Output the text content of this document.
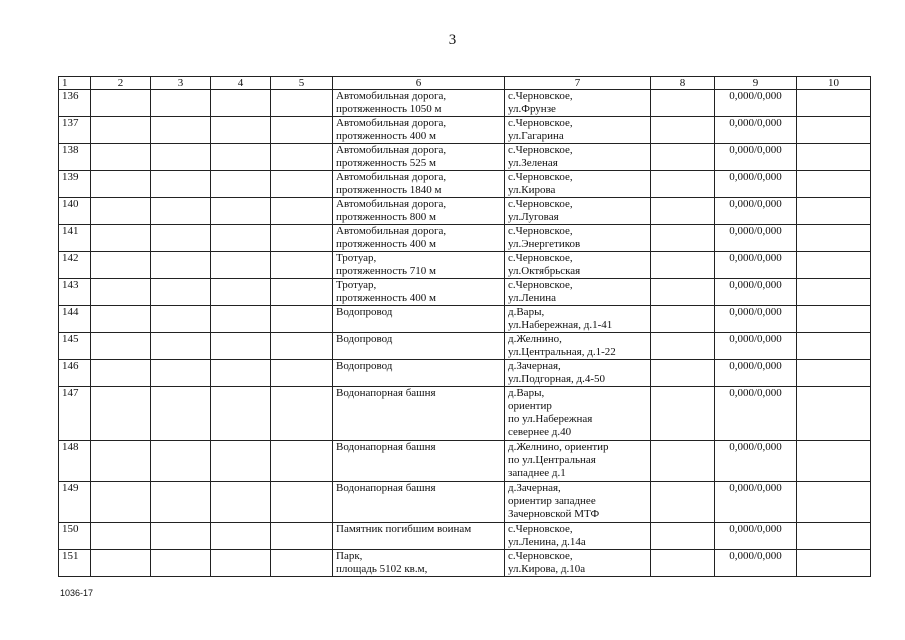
3
1	2	3	4	5	6	7	8	9	10
136					Автомобильная дорога,
протяженность 1050 м	с.Черновское,
ул.Фрунзе		0,000/0,000	
137					Автомобильная дорога,
протяженность 400 м	с.Черновское,
ул.Гагарина		0,000/0,000	
138					Автомобильная дорога,
протяженность 525 м	с.Черновское,
ул.Зеленая		0,000/0,000	
139					Автомобильная дорога,
протяженность 1840 м	с.Черновское,
ул.Кирова		0,000/0,000	
140					Автомобильная дорога,
протяженность 800 м	с.Черновское,
ул.Луговая		0,000/0,000	
141					Автомобильная дорога,
протяженность 400 м	с.Черновское,
ул.Энергетиков		0,000/0,000	
142					Тротуар,
протяженность 710 м	с.Черновское,
ул.Октябрьская		0,000/0,000	
143					Тротуар,
протяженность 400 м	с.Черновское,
ул.Ленина		0,000/0,000	
144					Водопровод	д.Вары,
ул.Набережная, д.1-41		0,000/0,000	
145					Водопровод	д.Желнино,
ул.Центральная, д.1-22		0,000/0,000	
146					Водопровод	д.Зачерная,
ул.Подгорная, д.4-50		0,000/0,000	
147					Водонапорная башня	д.Вары,
ориентир
по ул.Набережная
севернее д.40		0,000/0,000	
148					Водонапорная башня	д.Желнино, ориентир
по ул.Центральная
западнее д.1		0,000/0,000	
149					Водонапорная башня	д.Зачерная,
ориентир западнее
Зачерновской МТФ		0,000/0,000	
150					Памятник погибшим воинам	с.Черновское,
ул.Ленина, д.14а		0,000/0,000	
151					Парк,
площадь 5102 кв.м,	с.Черновское,
ул.Кирова, д.10а		0,000/0,000	
1036-17
